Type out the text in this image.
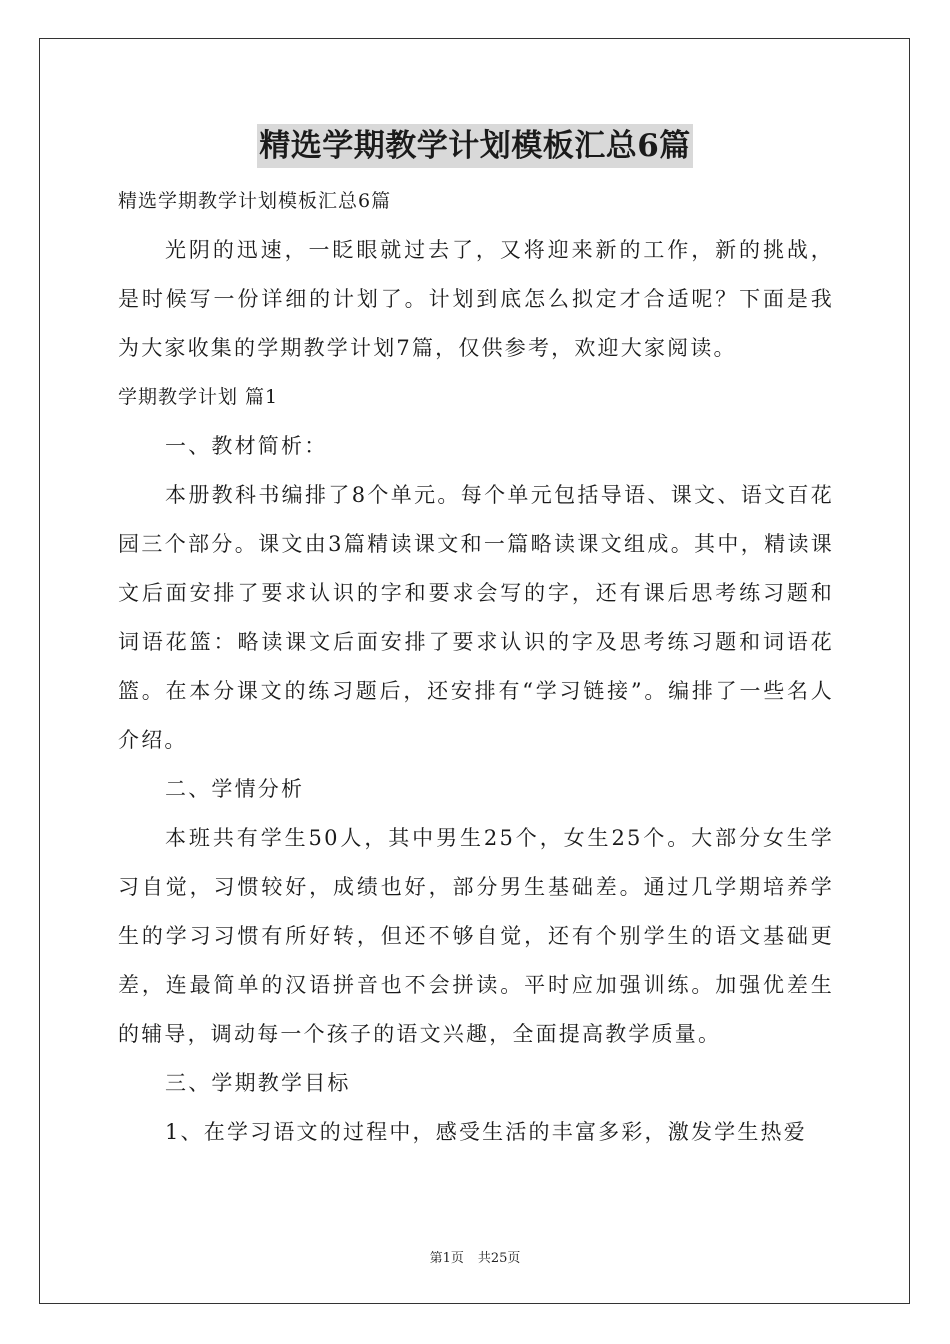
精选学期教学计划模板汇总6篇

精选学期教学计划模板汇总6篇

光阴的迅速，一眨眼就过去了，又将迎来新的工作，新的挑战，是时候写一份详细的计划了。计划到底怎么拟定才合适呢？下面是我为大家收集的学期教学计划7篇，仅供参考，欢迎大家阅读。

学期教学计划 篇1

一、教材简析：

本册教科书编排了8个单元。每个单元包括导语、课文、语文百花园三个部分。课文由3篇精读课文和一篇略读课文组成。其中，精读课文后面安排了要求认识的字和要求会写的字，还有课后思考练习题和词语花篮：略读课文后面安排了要求认识的字及思考练习题和词语花篮。在本分课文的练习题后，还安排有“学习链接”。编排了一些名人介绍。

二、学情分析

本班共有学生50人，其中男生25个，女生25个。大部分女生学习自觉，习惯较好，成绩也好，部分男生基础差。通过几学期培养学生的学习习惯有所好转，但还不够自觉，还有个别学生的语文基础更差，连最简单的汉语拼音也不会拼读。平时应加强训练。加强优差生的辅导，调动每一个孩子的语文兴趣，全面提高教学质量。

三、学期教学目标

1、在学习语文的过程中，感受生活的丰富多彩，激发学生热爱

第1页 共25页
